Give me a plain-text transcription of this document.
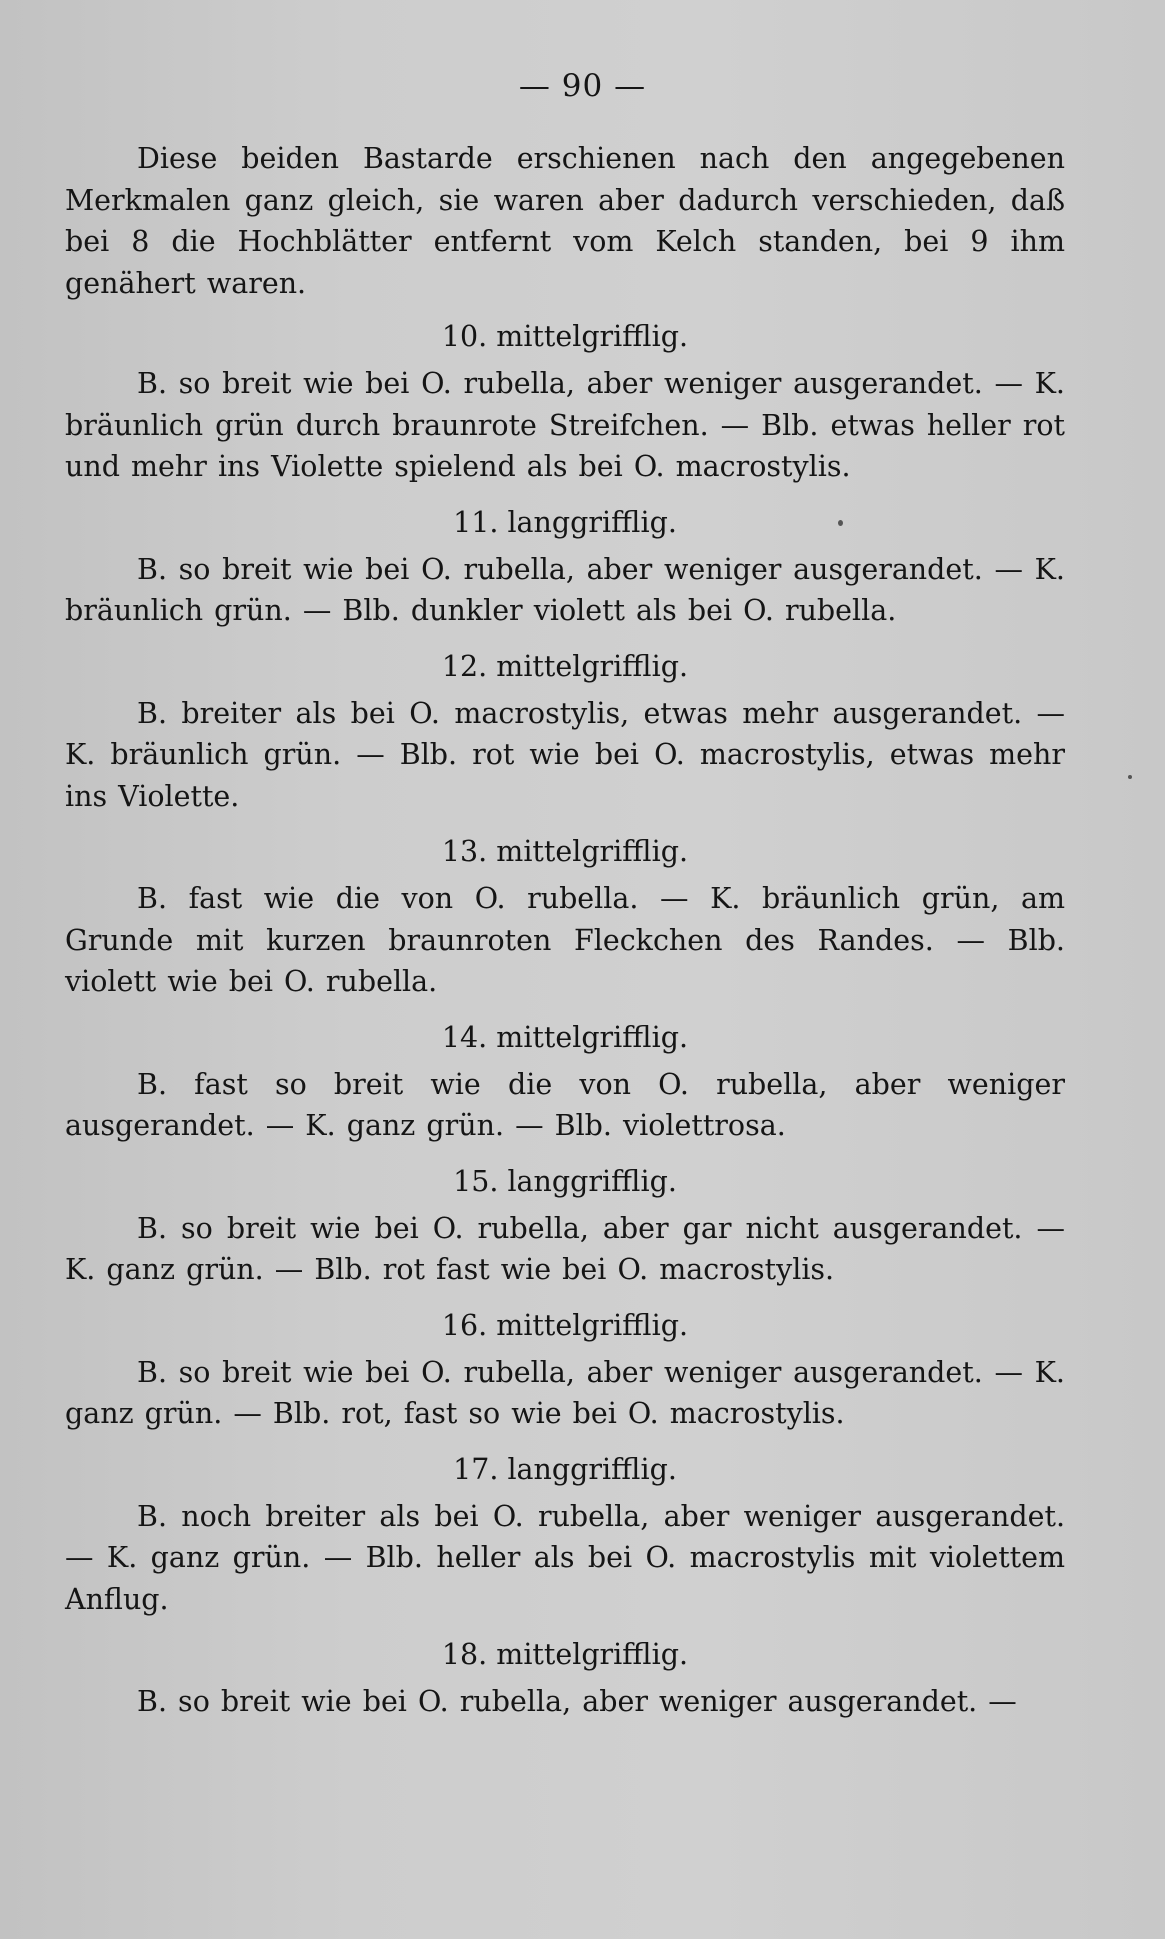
— 90 —

Diese beiden Bastarde erschienen nach den angegebenen Merkmalen ganz gleich, sie waren aber dadurch verschieden, daß bei 8 die Hochblätter entfernt vom Kelch standen, bei 9 ihm genähert waren.

10. mittelgrifflig.

B. so breit wie bei O. rubella, aber weniger ausgerandet. — K. bräunlich grün durch braunrote Streifchen. — Blb. etwas heller rot und mehr ins Violette spielend als bei O. macrostylis.

11. langgrifflig.

B. so breit wie bei O. rubella, aber weniger ausgerandet. — K. bräunlich grün. — Blb. dunkler violett als bei O. rubella.

12. mittelgrifflig.

B. breiter als bei O. macrostylis, etwas mehr ausgerandet. — K. bräunlich grün. — Blb. rot wie bei O. macrostylis, etwas mehr ins Violette.

13. mittelgrifflig.

B. fast wie die von O. rubella. — K. bräunlich grün, am Grunde mit kurzen braunroten Fleckchen des Randes. — Blb. violett wie bei O. rubella.

14. mittelgrifflig.

B. fast so breit wie die von O. rubella, aber weniger ausgerandet. — K. ganz grün. — Blb. violettrosa.

15. langgrifflig.

B. so breit wie bei O. rubella, aber gar nicht ausgerandet. — K. ganz grün. — Blb. rot fast wie bei O. macrostylis.

16. mittelgrifflig.

B. so breit wie bei O. rubella, aber weniger ausgerandet. — K. ganz grün. — Blb. rot, fast so wie bei O. macrostylis.

17. langgrifflig.

B. noch breiter als bei O. rubella, aber weniger ausgerandet. — K. ganz grün. — Blb. heller als bei O. macrostylis mit violettem Anflug.

18. mittelgrifflig.

B. so breit wie bei O. rubella, aber weniger ausgerandet. —
